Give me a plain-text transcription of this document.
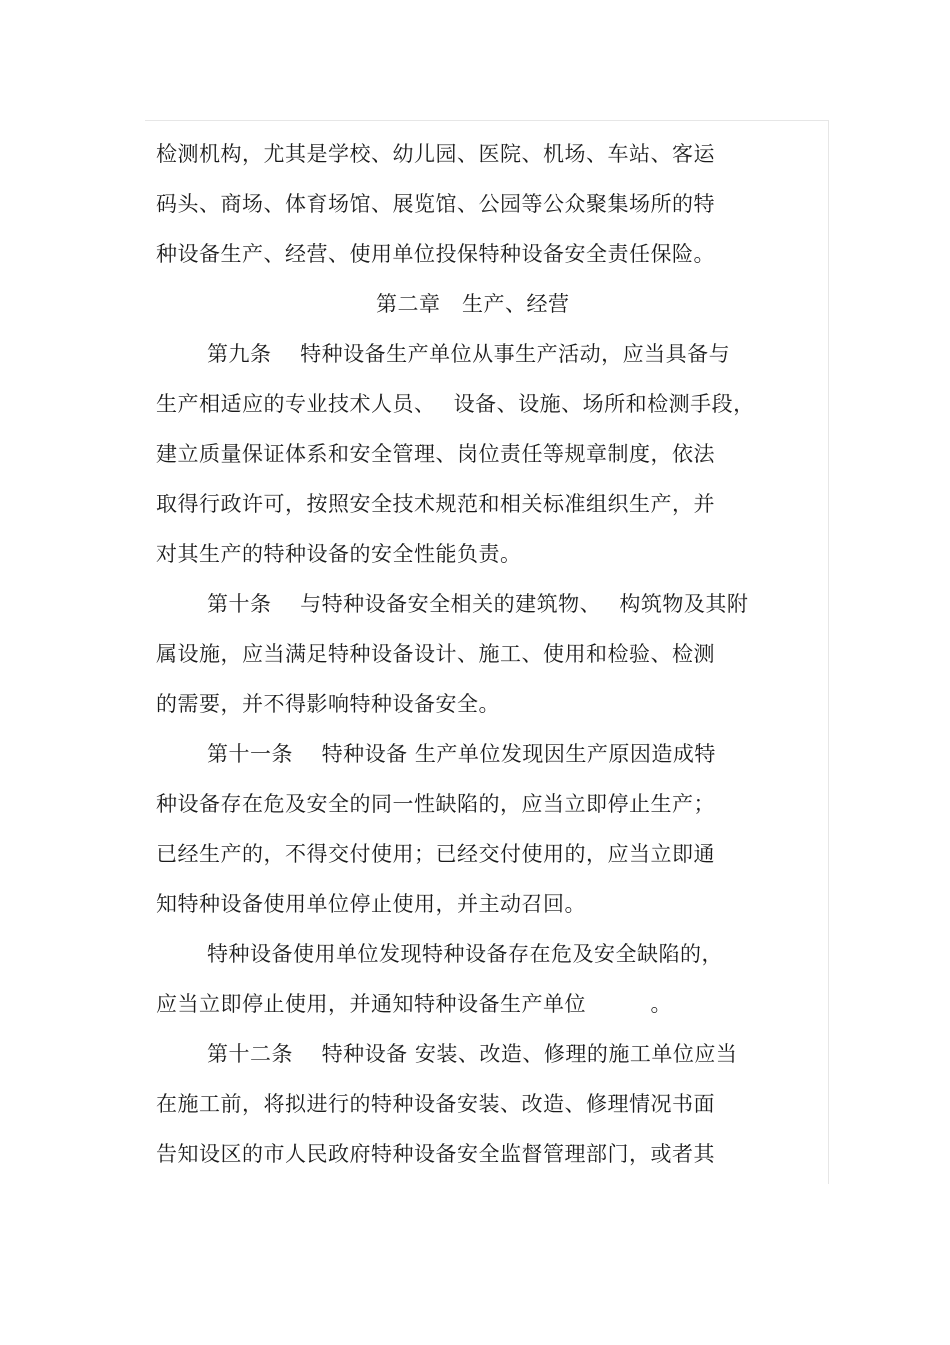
检测机构，尤其是学校、幼儿园、医院、机场、车站、客运
码头、商场、体育场馆、展览馆、公园等公众聚集场所的特
种设备生产、经营、使用单位投保特种设备安全责任保险。
第二章　生产、经营
第九条　 特种设备生产单位从事生产活动，应当具备与
生产相适应的专业技术人员、　 设备、设施、场所和检测手段，
建立质量保证体系和安全管理、岗位责任等规章制度，依法
取得行政许可，按照安全技术规范和相关标准组织生产，并
对其生产的特种设备的安全性能负责。
第十条　 与特种设备安全相关的建筑物、　 构筑物及其附
属设施，应当满足特种设备设计、施工、使用和检验、检测
的需要，并不得影响特种设备安全。
第十一条　 特种设备 生产单位发现因生产原因造成特
种设备存在危及安全的同一性缺陷的，应当立即停止生产；
已经生产的，不得交付使用；已经交付使用的，应当立即通
知特种设备使用单位停止使用，并主动召回。
特种设备使用单位发现特种设备存在危及安全缺陷的，
应当立即停止使用，并通知特种设备生产单位　　　。
第十二条　 特种设备 安装、改造、修理的施工单位应当
在施工前，将拟进行的特种设备安装、改造、修理情况书面
告知设区的市人民政府特种设备安全监督管理部门，或者其
